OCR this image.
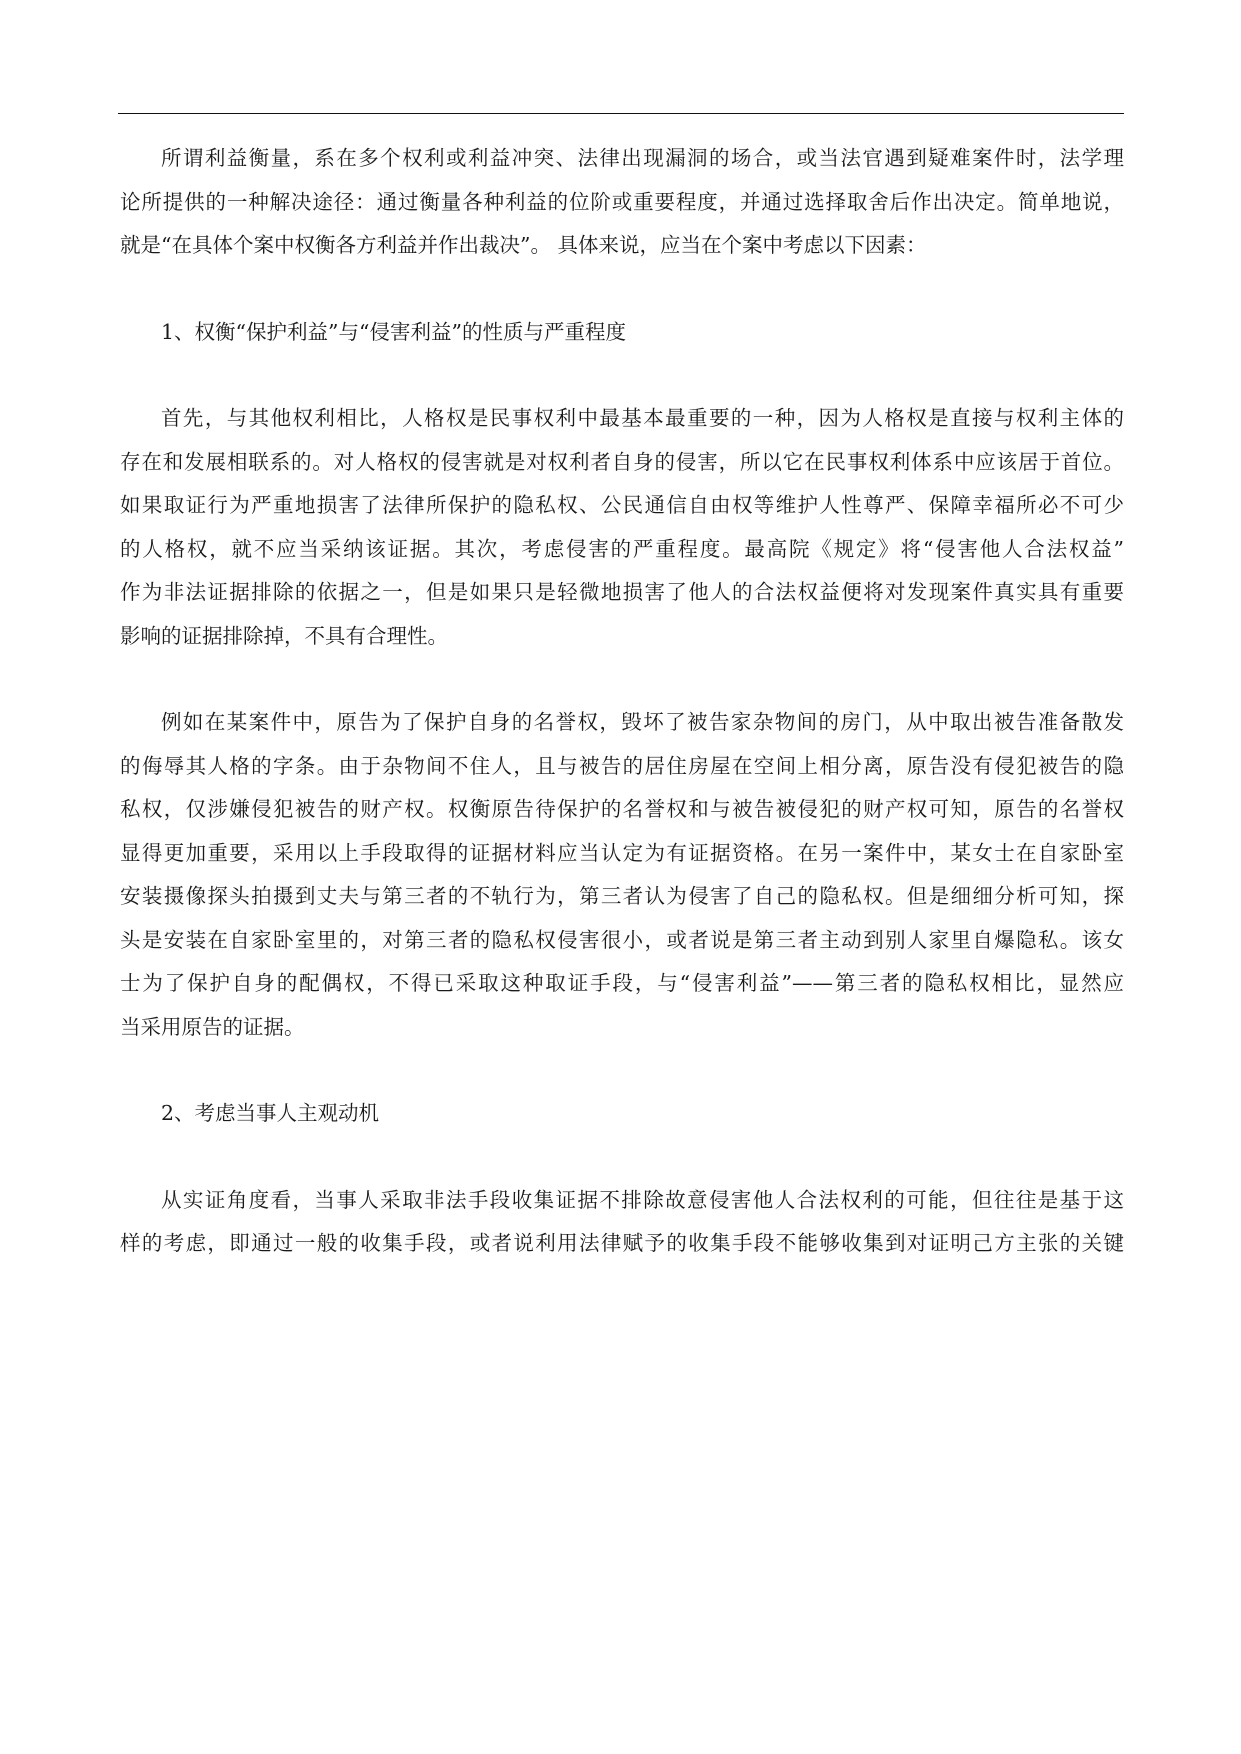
所谓利益衡量，系在多个权利或利益冲突、法律出现漏洞的场合，或当法官遇到疑难案件时，法学理
论所提供的一种解决途径：通过衡量各种利益的位阶或重要程度，并通过选择取舍后作出决定。简单地说，
就是“在具体个案中权衡各方利益并作出裁决”。 具体来说，应当在个案中考虑以下因素：
1、权衡“保护利益”与“侵害利益”的性质与严重程度
首先，与其他权利相比，人格权是民事权利中最基本最重要的一种，因为人格权是直接与权利主体的
存在和发展相联系的。对人格权的侵害就是对权利者自身的侵害，所以它在民事权利体系中应该居于首位。
如果取证行为严重地损害了法律所保护的隐私权、公民通信自由权等维护人性尊严、保障幸福所必不可少
的人格权，就不应当采纳该证据。其次，考虑侵害的严重程度。最高院《规定》将“侵害他人合法权益”
作为非法证据排除的依据之一，但是如果只是轻微地损害了他人的合法权益便将对发现案件真实具有重要
影响的证据排除掉，不具有合理性。
例如在某案件中，原告为了保护自身的名誉权，毁坏了被告家杂物间的房门，从中取出被告准备散发
的侮辱其人格的字条。由于杂物间不住人，且与被告的居住房屋在空间上相分离，原告没有侵犯被告的隐
私权，仅涉嫌侵犯被告的财产权。权衡原告待保护的名誉权和与被告被侵犯的财产权可知，原告的名誉权
显得更加重要，采用以上手段取得的证据材料应当认定为有证据资格。在另一案件中，某女士在自家卧室
安装摄像探头拍摄到丈夫与第三者的不轨行为，第三者认为侵害了自己的隐私权。但是细细分析可知，探
头是安装在自家卧室里的，对第三者的隐私权侵害很小，或者说是第三者主动到别人家里自爆隐私。该女
士为了保护自身的配偶权，不得已采取这种取证手段，与“侵害利益”——第三者的隐私权相比，显然应
当采用原告的证据。
2、考虑当事人主观动机
从实证角度看，当事人采取非法手段收集证据不排除故意侵害他人合法权利的可能，但往往是基于这
样的考虑，即通过一般的收集手段，或者说利用法律赋予的收集手段不能够收集到对证明己方主张的关键
